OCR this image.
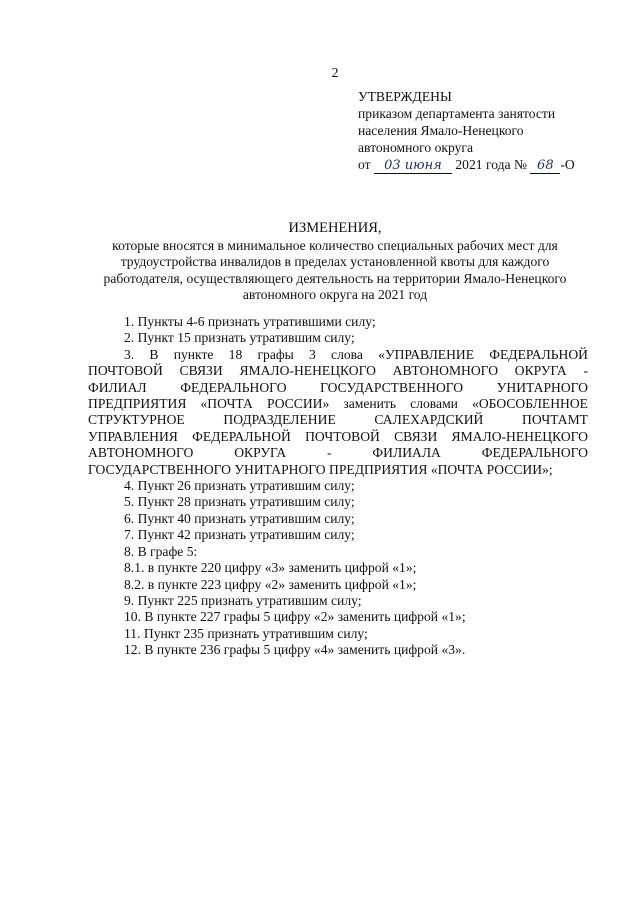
2
УТВЕРЖДЕНЫ
приказом департамента занятости
населения Ямало-Ненецкого
автономного округа
от 03 июня 2021 года № 68 -О
ИЗМЕНЕНИЯ,
которые вносятся в минимальное количество специальных рабочих мест для
трудоустройства инвалидов в пределах установленной квоты для каждого
работодателя, осуществляющего деятельность на территории Ямало-Ненецкого
автономного округа на 2021 год
1. Пункты 4-6 признать утратившими силу;
2. Пункт 15 признать утратившим силу;
3. В пункте 18 графы 3 слова «УПРАВЛЕНИЕ ФЕДЕРАЛЬНОЙ
ПОЧТОВОЙ СВЯЗИ ЯМАЛО-НЕНЕЦКОГО АВТОНОМНОГО ОКРУГА -
ФИЛИАЛ ФЕДЕРАЛЬНОГО ГОСУДАРСТВЕННОГО УНИТАРНОГО
ПРЕДПРИЯТИЯ «ПОЧТА РОССИИ» заменить словами «ОБОСОБЛЕННОЕ
СТРУКТУРНОЕ ПОДРАЗДЕЛЕНИЕ САЛЕХАРДСКИЙ ПОЧТАМТ
УПРАВЛЕНИЯ ФЕДЕРАЛЬНОЙ ПОЧТОВОЙ СВЯЗИ ЯМАЛО-НЕНЕЦКОГО
АВТОНОМНОГО ОКРУГА - ФИЛИАЛА ФЕДЕРАЛЬНОГО
ГОСУДАРСТВЕННОГО УНИТАРНОГО ПРЕДПРИЯТИЯ «ПОЧТА РОССИИ»;
4. Пункт 26 признать утратившим силу;
5. Пункт 28 признать утратившим силу;
6. Пункт 40 признать утратившим силу;
7. Пункт 42 признать утратившим силу;
8. В графе 5:
8.1. в пункте 220 цифру «3» заменить цифрой «1»;
8.2. в пункте 223 цифру «2» заменить цифрой «1»;
9. Пункт 225 признать утратившим силу;
10. В пункте 227 графы 5 цифру «2» заменить цифрой «1»;
11. Пункт 235 признать утратившим силу;
12. В пункте 236 графы 5 цифру «4» заменить цифрой «3».
